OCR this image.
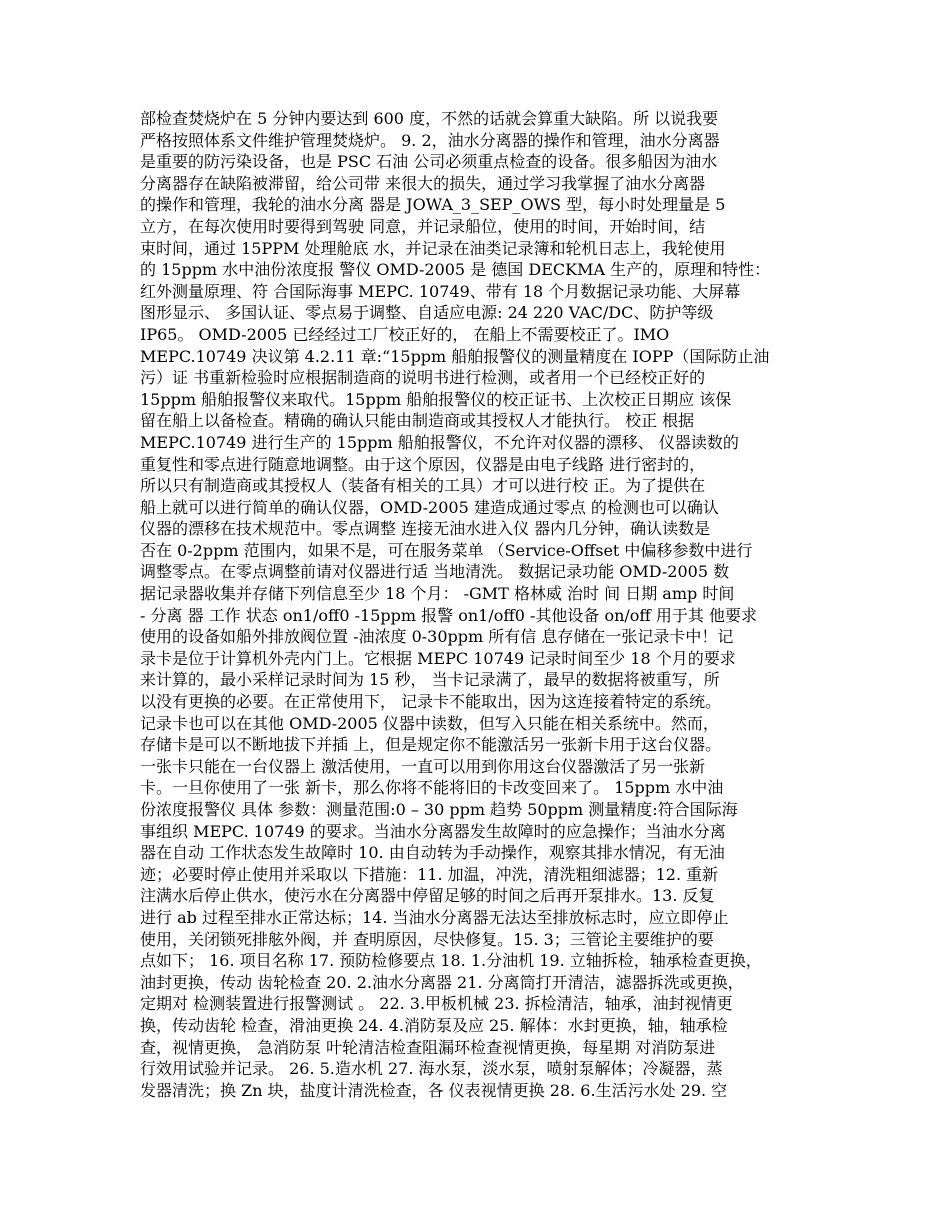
部检查焚烧炉在 5 分钟内要达到 600 度，不然的话就会算重大缺陷。所 以说我要
严格按照体系文件维护管理焚烧炉。 9. 2，油水分离器的操作和管理，油水分离器
是重要的防污染设备，也是 PSC 石油 公司必须重点检查的设备。很多船因为油水
分离器存在缺陷被滞留，给公司带 来很大的损失，通过学习我掌握了油水分离器
的操作和管理，我轮的油水分离 器是 JOWA_3_SEP_OWS 型，每小时处理量是 5
立方，在每次使用时要得到驾驶 同意，并记录船位，使用的时间，开始时间，结
束时间，通过 15PPM 处理舱底 水，并记录在油类记录簿和轮机日志上，我轮使用
的 15ppm 水中油份浓度报 警仪 OMD-2005 是 德国 DECKMA 生产的，原理和特性：
红外测量原理、符 合国际海事 MEPC. 10749、带有 18 个月数据记录功能、大屏幕
图形显示、 多国认证、零点易于调整、自适应电源: 24 220 VAC/DC、防护等级
IP65。 OMD-2005 已经经过工厂校正好的， 在船上不需要校正了。IMO
MEPC.10749 决议第 4.2.11 章:“15ppm 船舶报警仪的测量精度在 IOPP（国际防止油
污）证 书重新检验时应根据制造商的说明书进行检测，或者用一个已经校正好的
15ppm 船舶报警仪来取代。15ppm 船舶报警仪的校正证书、上次校正日期应 该保
留在船上以备检查。精确的确认只能由制造商或其授权人才能执行。 校正 根据
MEPC.10749 进行生产的 15ppm 船舶报警仪，不允许对仪器的漂移、 仪器读数的
重复性和零点进行随意地调整。由于这个原因，仪器是由电子线路 进行密封的，
所以只有制造商或其授权人（装备有相关的工具）才可以进行校 正。为了提供在
船上就可以进行简单的确认仪器，OMD-2005 建造成通过零点 的检测也可以确认
仪器的漂移在技术规范中。零点调整 连接无油水进入仪 器内几分钟，确认读数是
否在 0-2ppm 范围内，如果不是，可在服务菜单 （Service-Offset 中偏移参数中进行
调整零点。在零点调整前请对仪器进行适 当地清洗。 数据记录功能 OMD-2005 数
据记录器收集并存储下列信息至少 18 个月： -GMT 格林威 治时 间 日期 amp 时间
- 分离 器 工作 状态 on1/off0 -15ppm 报警 on1/off0 -其他设备 on/off 用于其 他要求
使用的设备如船外排放阀位置 -油浓度 0-30ppm 所有信 息存储在一张记录卡中！记
录卡是位于计算机外壳内门上。它根据 MEPC 10749 记录时间至少 18 个月的要求
来计算的，最小采样记录时间为 15 秒， 当卡记录满了，最早的数据将被重写，所
以没有更换的必要。在正常使用下， 记录卡不能取出，因为这连接着特定的系统。
记录卡也可以在其他 OMD-2005 仪器中读数，但写入只能在相关系统中。然而，
存储卡是可以不断地拔下并插 上，但是规定你不能激活另一张新卡用于这台仪器。
一张卡只能在一台仪器上 激活使用，一直可以用到你用这台仪器激活了另一张新
卡。一旦你使用了一张 新卡，那么你将不能将旧的卡改变回来了。 15ppm 水中油
份浓度报警仪 具体 参数：测量范围:0 – 30 ppm 趋势 50ppm 测量精度:符合国际海
事组织 MEPC. 10749 的要求。当油水分离器发生故障时的应急操作；当油水分离
器在自动 工作状态发生故障时 10. 由自动转为手动操作，观察其排水情况，有无油
迹；必要时停止使用并采取以 下措施：11. 加温，冲洗，清洗粗细滤器；12. 重新
注满水后停止供水，使污水在分离器中停留足够的时间之后再开泵排水。13. 反复
进行 ab 过程至排水正常达标；14. 当油水分离器无法达至排放标志时，应立即停止
使用，关闭锁死排舷外阀，并 查明原因，尽快修复。15. 3；三管论主要维护的要
点如下； 16. 项目名称 17. 预防检修要点 18. 1.分油机 19. 立轴拆检，轴承检查更换，
油封更换，传动 齿轮检查 20. 2.油水分离器 21. 分离筒打开清洁，滤器拆洗或更换，
定期对 检测装置进行报警测试 。 22. 3.甲板机械 23. 拆检清洁，轴承，油封视情更
换，传动齿轮 检查，滑油更换 24. 4.消防泵及应 25. 解体：水封更换，轴，轴承检
查，视情更换， 急消防泵 叶轮清洁检查阻漏环检查视情更换，每星期 对消防泵进
行效用试验并记录。 26. 5.造水机 27. 海水泵，淡水泵，喷射泵解体；冷凝器，蒸
发器清洗；换 Zn 块，盐度计清洗检查，各 仪表视情更换 28. 6.生活污水处 29. 空
